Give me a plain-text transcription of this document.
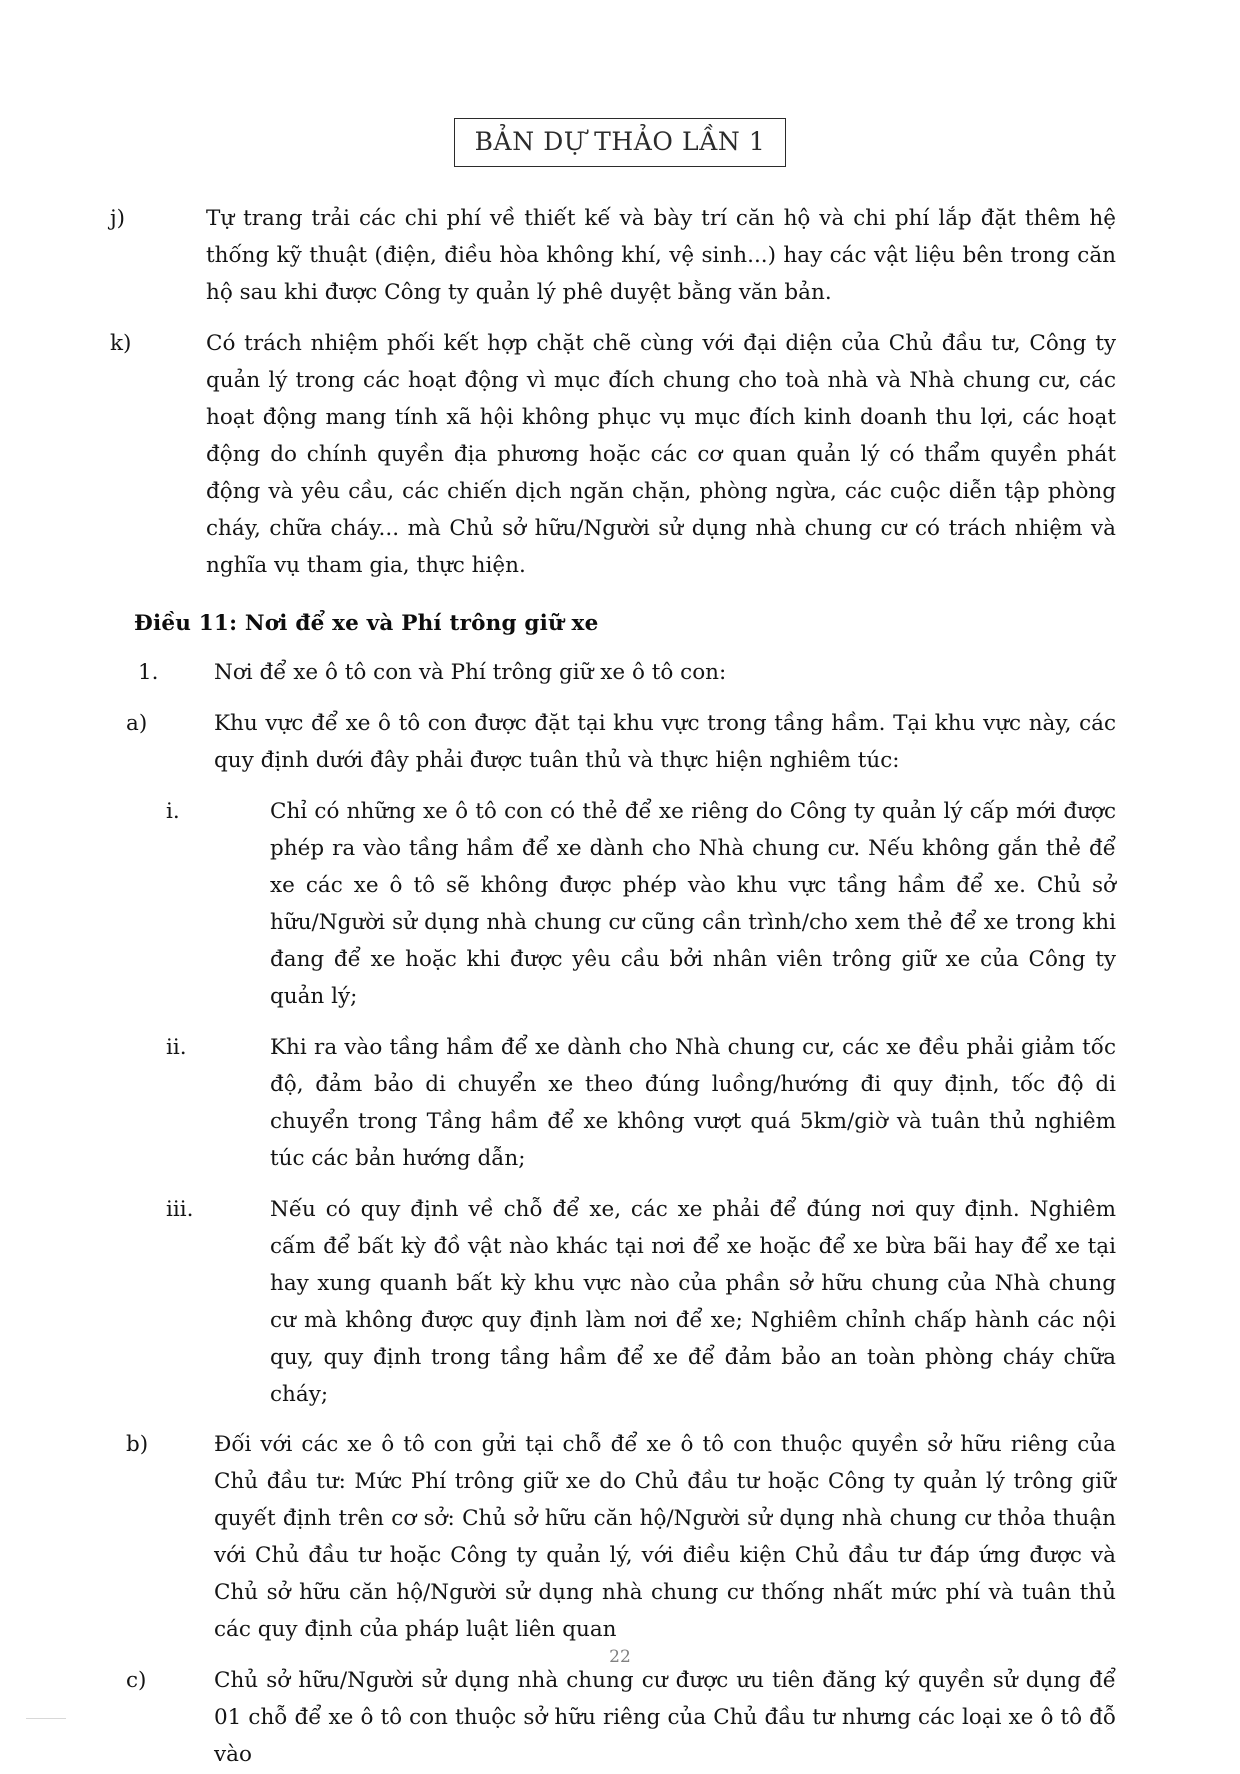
BẢN DỰ THẢO LẦN 1

j)	Tự trang trải các chi phí về thiết kế và bày trí căn hộ và chi phí lắp đặt thêm hệ thống kỹ thuật (điện, điều hòa không khí, vệ sinh...) hay các vật liệu bên trong căn hộ sau khi được Công ty quản lý phê duyệt bằng văn bản.

k)	Có trách nhiệm phối kết hợp chặt chẽ cùng với đại diện của Chủ đầu tư, Công ty quản lý trong các hoạt động vì mục đích chung cho toà nhà và Nhà chung cư, các hoạt động mang tính xã hội không phục vụ mục đích kinh doanh thu lợi, các hoạt động do chính quyền địa phương hoặc các cơ quan quản lý có thẩm quyền phát động và yêu cầu, các chiến dịch ngăn chặn, phòng ngừa, các cuộc diễn tập phòng cháy, chữa cháy... mà Chủ sở hữu/Người sử dụng nhà chung cư có trách nhiệm và nghĩa vụ tham gia, thực hiện.

Điều 11: Nơi để xe và Phí trông giữ xe

1.	Nơi để xe ô tô con và Phí trông giữ xe ô tô con:

a)	Khu vực để xe ô tô con được đặt tại khu vực trong tầng hầm. Tại khu vực này, các quy định dưới đây phải được tuân thủ và thực hiện nghiêm túc:

i.	Chỉ có những xe ô tô con có thẻ để xe riêng do Công ty quản lý cấp mới được phép ra vào tầng hầm để xe dành cho Nhà chung cư. Nếu không gắn thẻ để xe các xe ô tô sẽ không được phép vào khu vực tầng hầm để xe. Chủ sở hữu/Người sử dụng nhà chung cư cũng cần trình/cho xem thẻ để xe trong khi đang để xe hoặc khi được yêu cầu bởi nhân viên trông giữ xe của Công ty quản lý;

ii.	Khi ra vào tầng hầm để xe dành cho Nhà chung cư, các xe đều phải giảm tốc độ, đảm bảo di chuyển xe theo đúng luồng/hướng đi quy định, tốc độ di chuyển trong Tầng hầm để xe không vượt quá 5km/giờ và tuân thủ nghiêm túc các bản hướng dẫn;

iii.	Nếu có quy định về chỗ để xe, các xe phải để đúng nơi quy định. Nghiêm cấm để bất kỳ đồ vật nào khác tại nơi để xe hoặc để xe bừa bãi hay để xe tại hay xung quanh bất kỳ khu vực nào của phần sở hữu chung của Nhà chung cư mà không được quy định làm nơi để xe; Nghiêm chỉnh chấp hành các nội quy, quy định trong tầng hầm để xe để đảm bảo an toàn phòng cháy chữa cháy;

b)	Đối với các xe ô tô con gửi tại chỗ để xe ô tô con thuộc quyền sở hữu riêng của Chủ đầu tư: Mức Phí trông giữ xe do Chủ đầu tư hoặc Công ty quản lý trông giữ quyết định trên cơ sở: Chủ sở hữu căn hộ/Người sử dụng nhà chung cư thỏa thuận với Chủ đầu tư hoặc Công ty quản lý, với điều kiện Chủ đầu tư đáp ứng được và Chủ sở hữu căn hộ/Người sử dụng nhà chung cư thống nhất mức phí và tuân thủ các quy định của pháp luật liên quan

c)	Chủ sở hữu/Người sử dụng nhà chung cư được ưu tiên đăng ký quyền sử dụng để 01 chỗ để xe ô tô con thuộc sở hữu riêng của Chủ đầu tư nhưng các loại xe ô tô đỗ vào

22
